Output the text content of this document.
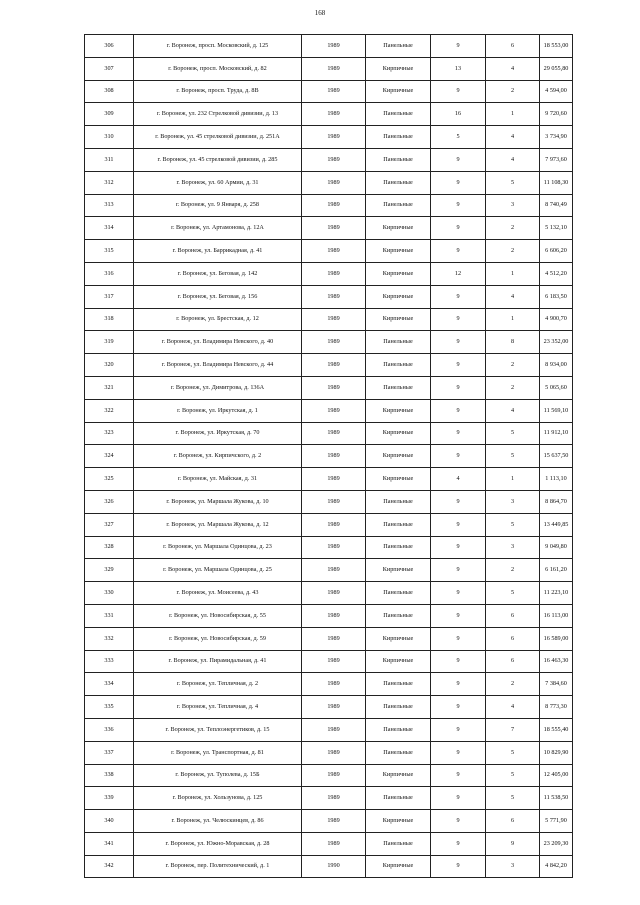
168
306	г. Воронеж, просп. Московский, д. 125	1989	Панельные	9	6	18 553,00
307	г. Воронеж, просп. Московский, д. 82	1989	Кирпичные	13	4	29 055,80
308	г. Воронеж, просп. Труда, д. 8В	1989	Кирпичные	9	2	4 594,00
309	г. Воронеж, ул. 232 Стрелковой дивизии, д. 13	1989	Панельные	16	1	9 720,60
310	г. Воронеж, ул. 45 стрелковой дивизии, д. 251А	1989	Панельные	5	4	3 734,90
311	г. Воронеж, ул. 45 стрелковой дивизии, д. 285	1989	Панельные	9	4	7 973,60
312	г. Воронеж, ул. 60 Армии, д. 31	1989	Панельные	9	5	11 108,30
313	г. Воронеж, ул. 9 Января, д. 258	1989	Панельные	9	3	8 740,49
314	г. Воронеж, ул. Артамонова, д. 12А	1989	Кирпичные	9	2	5 132,10
315	г. Воронеж, ул. Баррикадная, д. 41	1989	Кирпичные	9	2	6 606,20
316	г. Воронеж, ул. Беговая, д. 142	1989	Кирпичные	12	1	4 512,20
317	г. Воронеж, ул. Беговая, д. 156	1989	Кирпичные	9	4	6 183,50
318	г. Воронеж, ул. Брестская, д. 12	1989	Кирпичные	9	1	4 900,70
319	г. Воронеж, ул. Владимира Невского, д. 40	1989	Панельные	9	8	23 352,00
320	г. Воронеж, ул. Владимира Невского, д. 44	1989	Панельные	9	2	8 934,00
321	г. Воронеж, ул. Димитрова, д. 136А	1989	Панельные	9	2	5 065,60
322	г. Воронеж, ул. Иркутская, д. 1	1989	Кирпичные	9	4	11 569,10
323	г. Воронеж, ул. Иркутская, д. 70	1989	Кирпичные	9	5	11 912,10
324	г. Воронеж, ул. Кирпичского, д. 2	1989	Кирпичные	9	5	15 637,50
325	г. Воронеж, ул. Майская, д. 31	1989	Кирпичные	4	1	1 113,10
326	г. Воронеж, ул. Маршала Жукова, д. 10	1989	Панельные	9	3	8 864,70
327	г. Воронеж, ул. Маршала Жукова, д. 12	1989	Панельные	9	5	13 449,85
328	г. Воронеж, ул. Маршала Одинцова, д. 23	1989	Панельные	9	3	9 049,80
329	г. Воронеж, ул. Маршала Одинцова, д. 25	1989	Кирпичные	9	2	6 161,20
330	г. Воронеж, ул. Моисеева, д. 43	1989	Панельные	9	5	11 223,10
331	г. Воронеж, ул. Новосибирская, д. 55	1989	Панельные	9	6	16 113,00
332	г. Воронеж, ул. Новосибирская, д. 59	1989	Кирпичные	9	6	16 589,00
333	г. Воронеж, ул. Пирамидальная, д. 41	1989	Кирпичные	9	6	16 463,30
334	г. Воронеж, ул. Тепличная, д. 2	1989	Панельные	9	2	7 384,60
335	г. Воронеж, ул. Тепличная, д. 4	1989	Панельные	9	4	8 773,30
336	г. Воронеж, ул. Теплоэнергетиков, д. 15	1989	Панельные	9	7	18 555,40
337	г. Воронеж, ул. Транспортная, д. 81	1989	Панельные	9	5	10 829,90
338	г. Воронеж, ул. Туполева, д. 15Б	1989	Кирпичные	9	5	12 405,00
339	г. Воронеж, ул. Хользунова, д. 125	1989	Панельные	9	5	11 538,50
340	г. Воронеж, ул. Челюскинцев, д. 86	1989	Кирпичные	9	6	5 771,90
341	г. Воронеж, ул. Южно-Моравская, д. 28	1989	Панельные	9	9	23 209,30
342	г. Воронеж, пер. Политехнический, д. 1	1990	Кирпичные	9	3	4 842,20
